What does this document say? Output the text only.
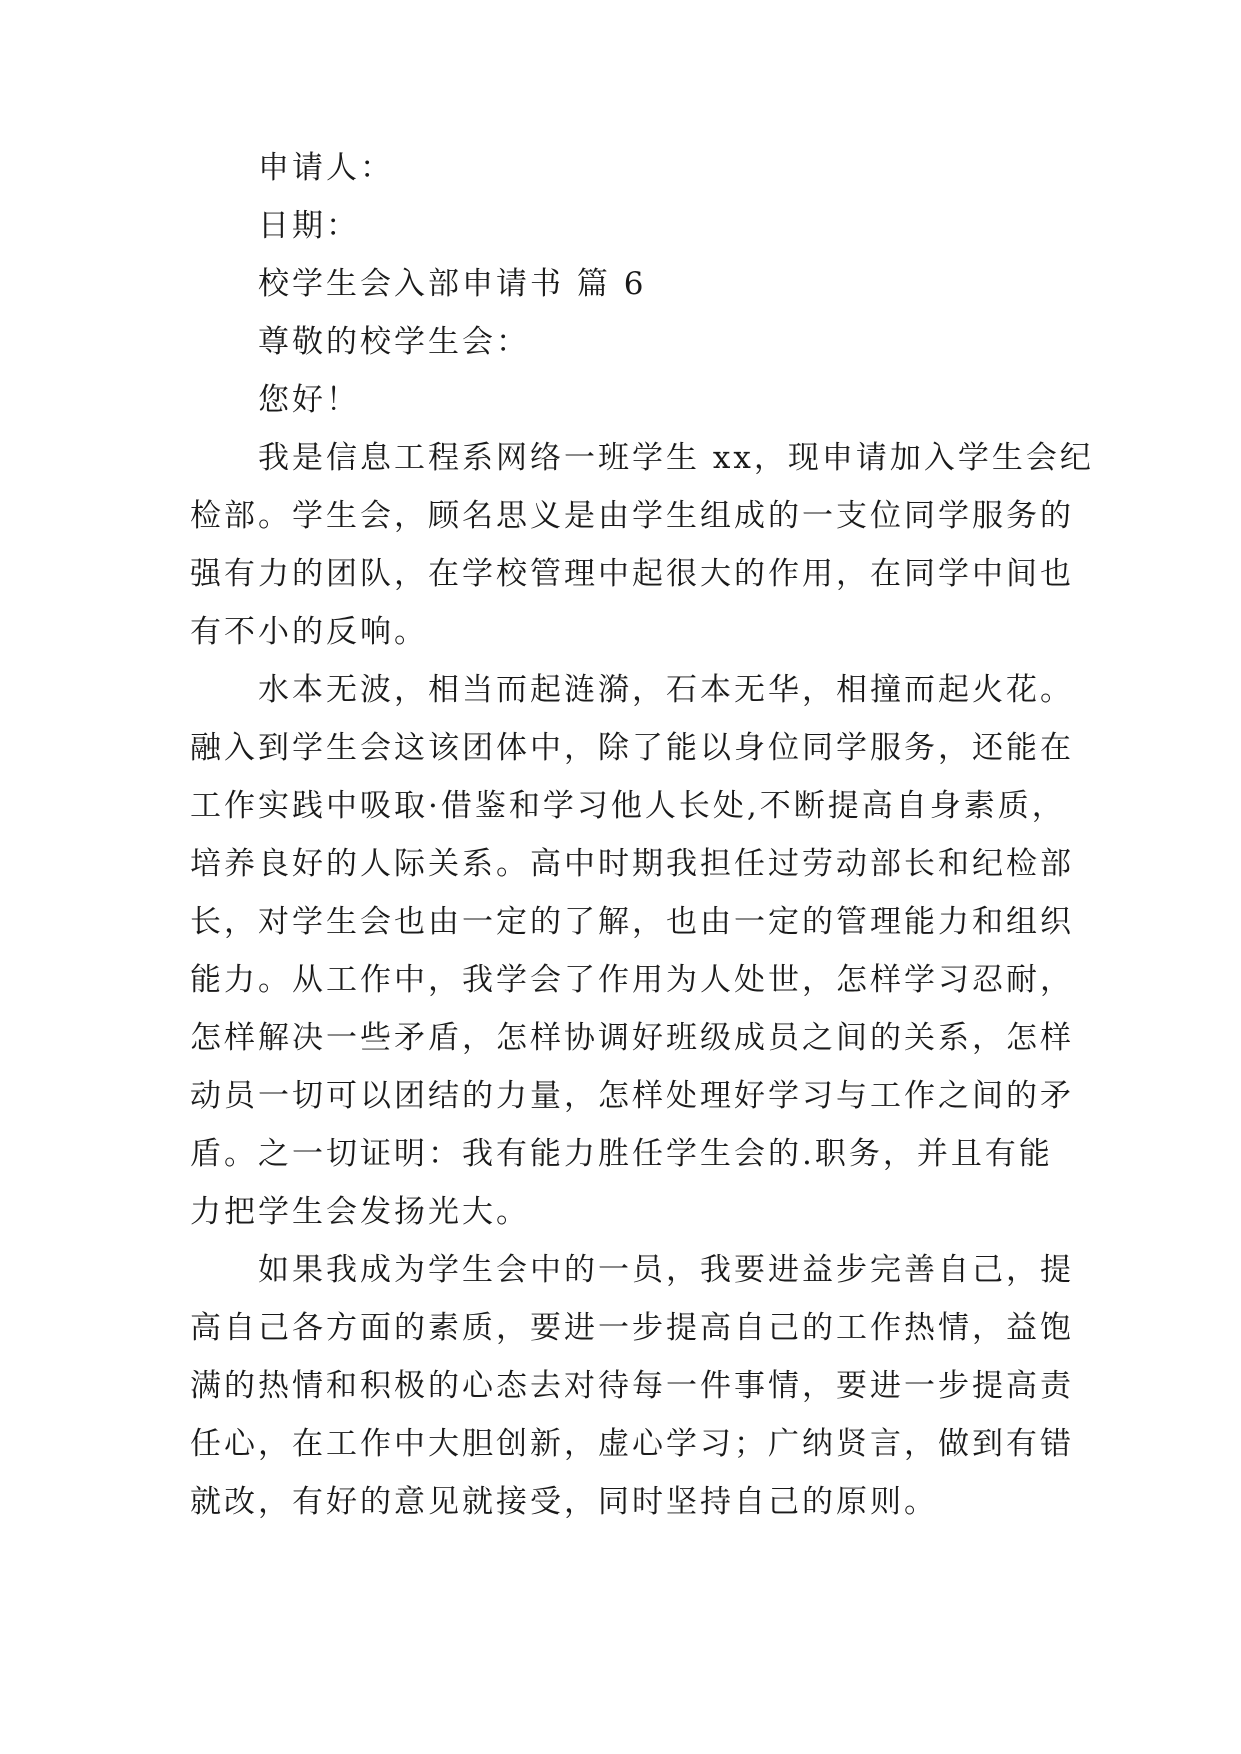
申请人：
日期：
校学生会入部申请书 篇 6
尊敬的校学生会：
您好！
我是信息工程系网络一班学生 xx，现申请加入学生会纪
检部。学生会，顾名思义是由学生组成的一支位同学服务的
强有力的团队，在学校管理中起很大的作用，在同学中间也
有不小的反响。
水本无波，相当而起涟漪，石本无华，相撞而起火花。
融入到学生会这该团体中，除了能以身位同学服务，还能在
工作实践中吸取·借鉴和学习他人长处,不断提高自身素质，
培养良好的人际关系。高中时期我担任过劳动部长和纪检部
长，对学生会也由一定的了解，也由一定的管理能力和组织
能力。从工作中，我学会了作用为人处世，怎样学习忍耐，
怎样解决一些矛盾，怎样协调好班级成员之间的关系，怎样
动员一切可以团结的力量，怎样处理好学习与工作之间的矛
盾。之一切证明：我有能力胜任学生会的.职务，并且有能
力把学生会发扬光大。
如果我成为学生会中的一员，我要进益步完善自己，提
高自己各方面的素质，要进一步提高自己的工作热情，益饱
满的热情和积极的心态去对待每一件事情，要进一步提高责
任心，在工作中大胆创新，虚心学习；广纳贤言，做到有错
就改，有好的意见就接受，同时坚持自己的原则。
